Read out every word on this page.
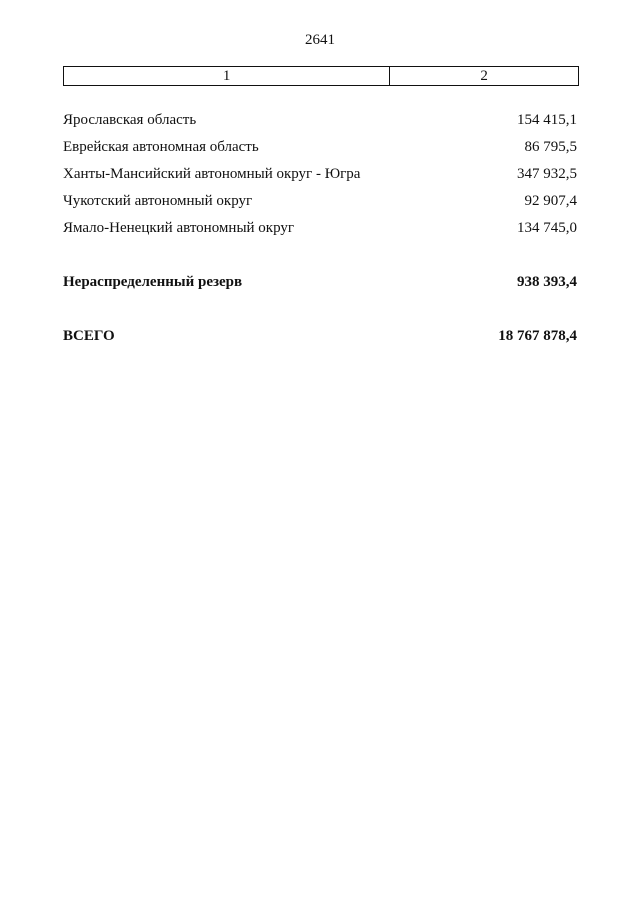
2641
1	2
Ярославская область	154 415,1
Еврейская автономная область	86 795,5
Ханты-Мансийский автономный округ - Югра	347 932,5
Чукотский автономный округ	92 907,4
Ямало-Ненецкий автономный округ	134 745,0
Нераспределенный резерв	938 393,4
ВСЕГО	18 767 878,4
